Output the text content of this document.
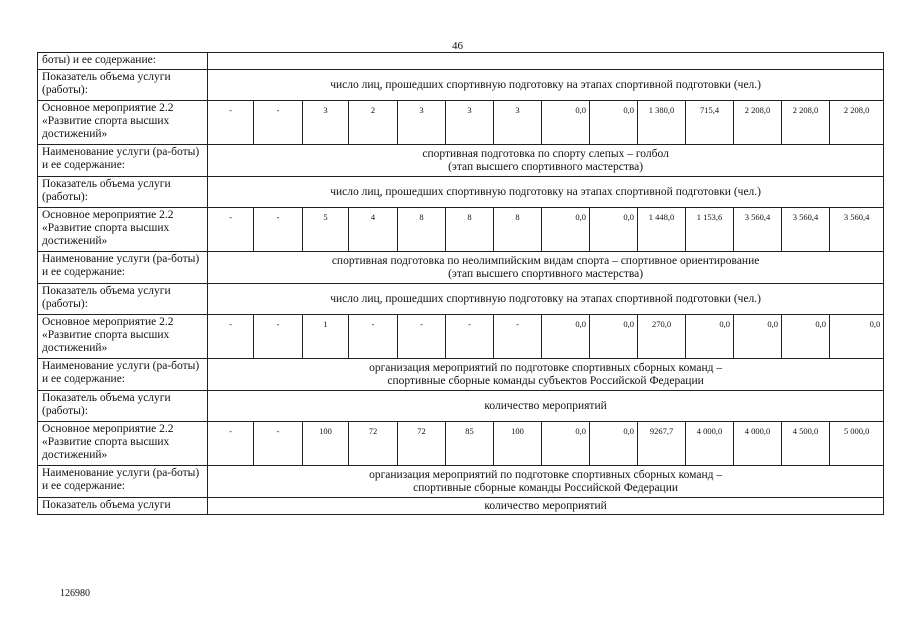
46
боты) и ее содержание:														
Показатель объема услуги (работы):	число лиц, прошедших спортивную подготовку на этапах спортивной подготовки (чел.)													
Основное мероприятие 2.2 «Развитие спорта высших достижений»	-	-	3	2	3	3	3	0,0	0,0	1 380,0	715,4	2 208,0	2 208,0	2 208,0
Наименование услуги (ра-боты) и ее содержание:	спортивная подготовка по спорту слепых – голбол
(этап высшего спортивного мастерства)													

Показатель объема услуги (работы):	число лиц, прошедших спортивную подготовку на этапах спортивной подготовки (чел.)													
Основное мероприятие 2.2 «Развитие спорта высших достижений»	-	-	5	4	8	8	8	0,0	0,0	1 448,0	1 153,6	3 560,4	3 560,4	3 560,4
Наименование услуги (ра-боты) и ее содержание:	спортивная подготовка по неолимпийским видам спорта – спортивное ориентирование
(этап высшего спортивного мастерства)													

Показатель объема услуги (работы):	число лиц, прошедших спортивную подготовку на этапах спортивной подготовки (чел.)													
Основное мероприятие 2.2 «Развитие спорта высших достижений»	-	-	1	-	-	-	-	0,0	0,0	270,0	0,0	0,0	0,0	0,0
Наименование услуги (ра-боты) и ее содержание:	организация мероприятий по подготовке спортивных сборных команд –
спортивные сборные команды субъектов Российской Федерации													

Показатель объема услуги (работы):	количество мероприятий													
Основное мероприятие 2.2 «Развитие спорта высших достижений»	-	-	100	72	72	85	100	0,0	0,0	9267,7	4 000,0	4 000,0	4 500,0	5 000,0
Наименование услуги (ра-боты) и ее содержание:	организация мероприятий по подготовке спортивных сборных команд –
спортивные сборные команды Российской Федерации													

Показатель объема услуги	количество мероприятий													
126980
